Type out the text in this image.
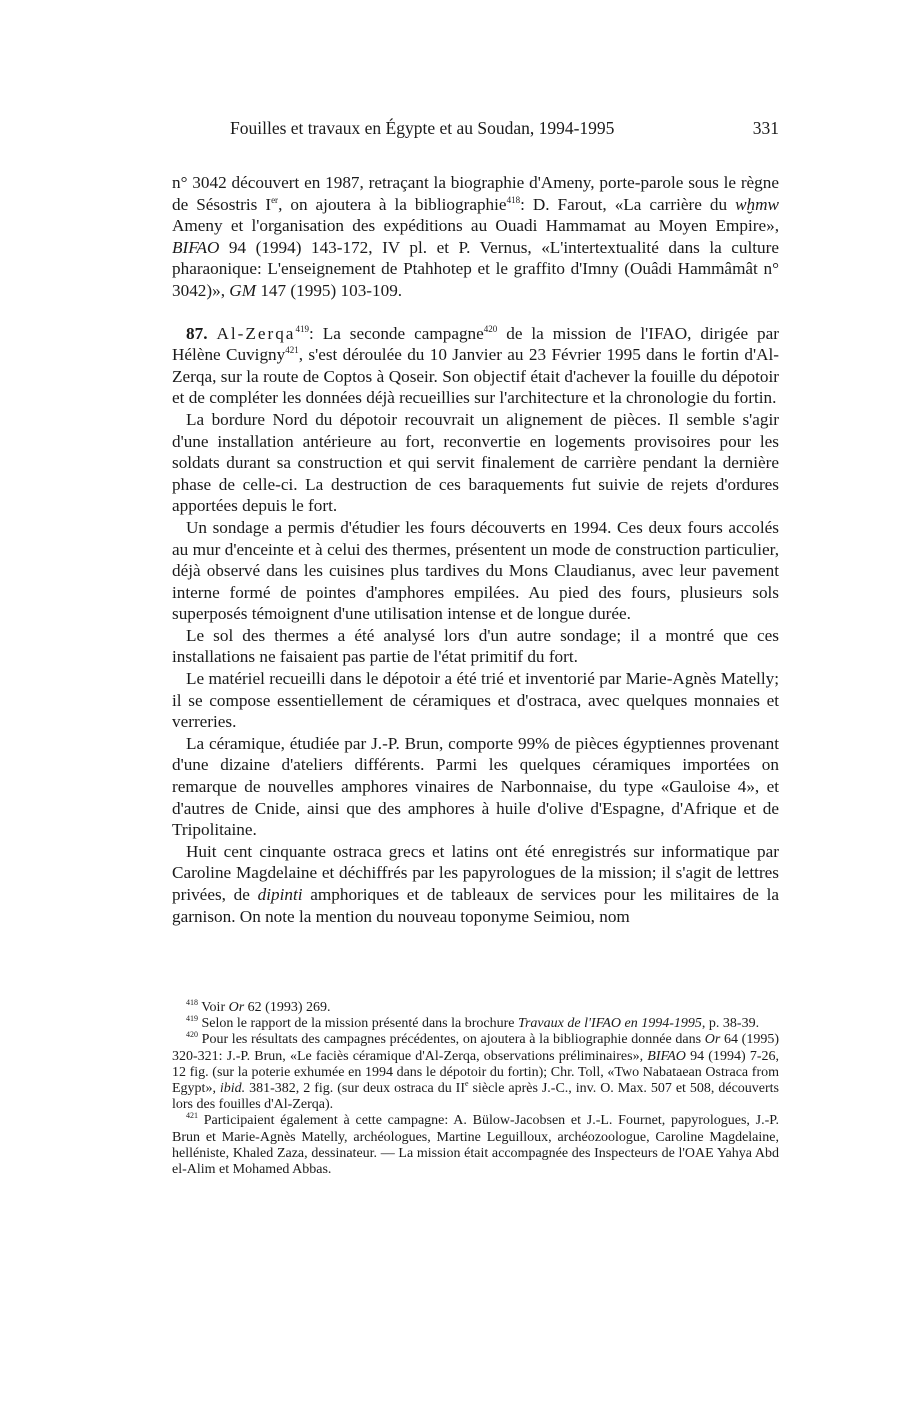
Fouilles et travaux en Égypte et au Soudan, 1994-1995	331

n° 3042 découvert en 1987, retraçant la biographie d'Ameny, porte-parole sous le règne de Sésostris Ier, on ajoutera à la bibliographie$^{418}$: D. Farout, «La carrière du wḫmw Ameny et l'organisation des expéditions au Ouadi Hammamat au Moyen Empire», BIFAO 94 (1994) 143-172, IV pl. et P. Vernus, «L'intertextualité dans la culture pharaonique: L'enseignement de Ptahhotep et le graffito d'Imny (Ouâdi Hammâmât n° 3042)», GM 147 (1995) 103-109.

87. Al-Zerqa$^{419}$: La seconde campagne$^{420}$ de la mission de l'IFAO, dirigée par Hélène Cuvigny$^{421}$, s'est déroulée du 10 Janvier au 23 Février 1995 dans le fortin d'Al-Zerqa, sur la route de Coptos à Qoseir. Son objectif était d'achever la fouille du dépotoir et de compléter les données déjà recueillies sur l'architecture et la chronologie du fortin.

La bordure Nord du dépotoir recouvrait un alignement de pièces. Il semble s'agir d'une installation antérieure au fort, reconvertie en logements provisoires pour les soldats durant sa construction et qui servit finalement de carrière pendant la dernière phase de celle-ci. La destruction de ces baraquements fut suivie de rejets d'ordures apportées depuis le fort.

Un sondage a permis d'étudier les fours découverts en 1994. Ces deux fours accolés au mur d'enceinte et à celui des thermes, présentent un mode de construction particulier, déjà observé dans les cuisines plus tardives du Mons Claudianus, avec leur pavement interne formé de pointes d'amphores empilées. Au pied des fours, plusieurs sols superposés témoignent d'une utilisation intense et de longue durée.

Le sol des thermes a été analysé lors d'un autre sondage; il a montré que ces installations ne faisaient pas partie de l'état primitif du fort.

Le matériel recueilli dans le dépotoir a été trié et inventorié par Marie-Agnès Matelly; il se compose essentiellement de céramiques et d'ostraca, avec quelques monnaies et verreries.

La céramique, étudiée par J.-P. Brun, comporte 99% de pièces égyptiennes provenant d'une dizaine d'ateliers différents. Parmi les quelques céramiques importées on remarque de nouvelles amphores vinaires de Narbonnaise, du type «Gauloise 4», et d'autres de Cnide, ainsi que des amphores à huile d'olive d'Espagne, d'Afrique et de Tripolitaine.

Huit cent cinquante ostraca grecs et latins ont été enregistrés sur informatique par Caroline Magdelaine et déchiffrés par les papyrologues de la mission; il s'agit de lettres privées, de dipinti amphoriques et de tableaux de services pour les militaires de la garnison. On note la mention du nouveau toponyme Seimiou, nom

$^{418}$ Voir Or 62 (1993) 269.

$^{419}$ Selon le rapport de la mission présenté dans la brochure Travaux de l'IFAO en 1994-1995, p. 38-39.

$^{420}$ Pour les résultats des campagnes précédentes, on ajoutera à la bibliographie donnée dans Or 64 (1995) 320-321: J.-P. Brun, «Le faciès céramique d'Al-Zerqa, observations préliminaires», BIFAO 94 (1994) 7-26, 12 fig. (sur la poterie exhumée en 1994 dans le dépotoir du fortin); Chr. Toll, «Two Nabataean Ostraca from Egypt», ibid. 381-382, 2 fig. (sur deux ostraca du IIe siècle après J.-C., inv. O. Max. 507 et 508, découverts lors des fouilles d'Al-Zerqa).

$^{421}$ Participaient également à cette campagne: A. Bülow-Jacobsen et J.-L. Fournet, papyrologues, J.-P. Brun et Marie-Agnès Matelly, archéologues, Martine Leguilloux, archéozoologue, Caroline Magdelaine, helléniste, Khaled Zaza, dessinateur. — La mission était accompagnée des Inspecteurs de l'OAE Yahya Abd el-Alim et Mohamed Abbas.
